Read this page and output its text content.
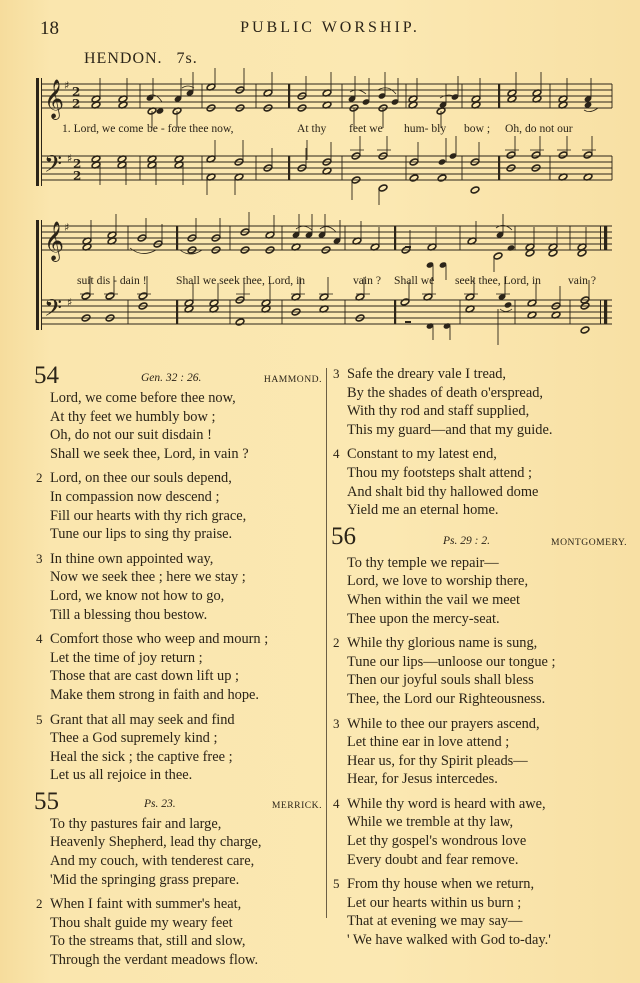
18	PUBLIC WORSHIP.
HENDON. 7s.
𝄞
𝄢
𝄞
𝄢
♯
♯
♯
♯
2
2
2
2
1. Lord, we come be - fore thee now,	At thy feet we hum- bly bow ; Oh, do not our
suit dis - dain !	Shall we seek thee, Lord, in	vain ? Shall we seek thee, Lord, in vain ?
54	Gen. 32 : 26.	HAMMOND.
Lord, we come before thee now,
At thy feet we humbly bow ;
Oh, do not our suit disdain !
Shall we seek thee, Lord, in vain ?
2 Lord, on thee our souls depend,
In compassion now descend ;
Fill our hearts with thy rich grace,
Tune our lips to sing thy praise.
3 In thine own appointed way,
Now we seek thee ; here we stay ;
Lord, we know not how to go,
Till a blessing thou bestow.
4 Comfort those who weep and mourn ;
Let the time of joy return ;
Those that are cast down lift up ;
Make them strong in faith and hope.
5 Grant that all may seek and find
Thee a God supremely kind ;
Heal the sick ; the captive free ;
Let us all rejoice in thee.
55	Ps. 23.	MERRICK.
To thy pastures fair and large,
Heavenly Shepherd, lead thy charge,
And my couch, with tenderest care,
'Mid the springing grass prepare.
2 When I faint with summer's heat,
Thou shalt guide my weary feet
To the streams that, still and slow,
Through the verdant meadows flow.
3 Safe the dreary vale I tread,
By the shades of death o'erspread,
With thy rod and staff supplied,
This my guard—and that my guide.
4 Constant to my latest end,
Thou my footsteps shalt attend ;
And shalt bid thy hallowed dome
Yield me an eternal home.
56	Ps. 29 : 2.	MONTGOMERY.
To thy temple we repair—
Lord, we love to worship there,
When within the vail we meet
Thee upon the mercy-seat.
2 While thy glorious name is sung,
Tune our lips—unloose our tongue ;
Then our joyful souls shall bless
Thee, the Lord our Righteousness.
3 While to thee our prayers ascend,
Let thine ear in love attend ;
Hear us, for thy Spirit pleads—
Hear, for Jesus intercedes.
4 While thy word is heard with awe,
While we tremble at thy law,
Let thy gospel's wondrous love
Every doubt and fear remove.
5 From thy house when we return,
Let our hearts within us burn ;
That at evening we may say—
' We have walked with God to-day.'
